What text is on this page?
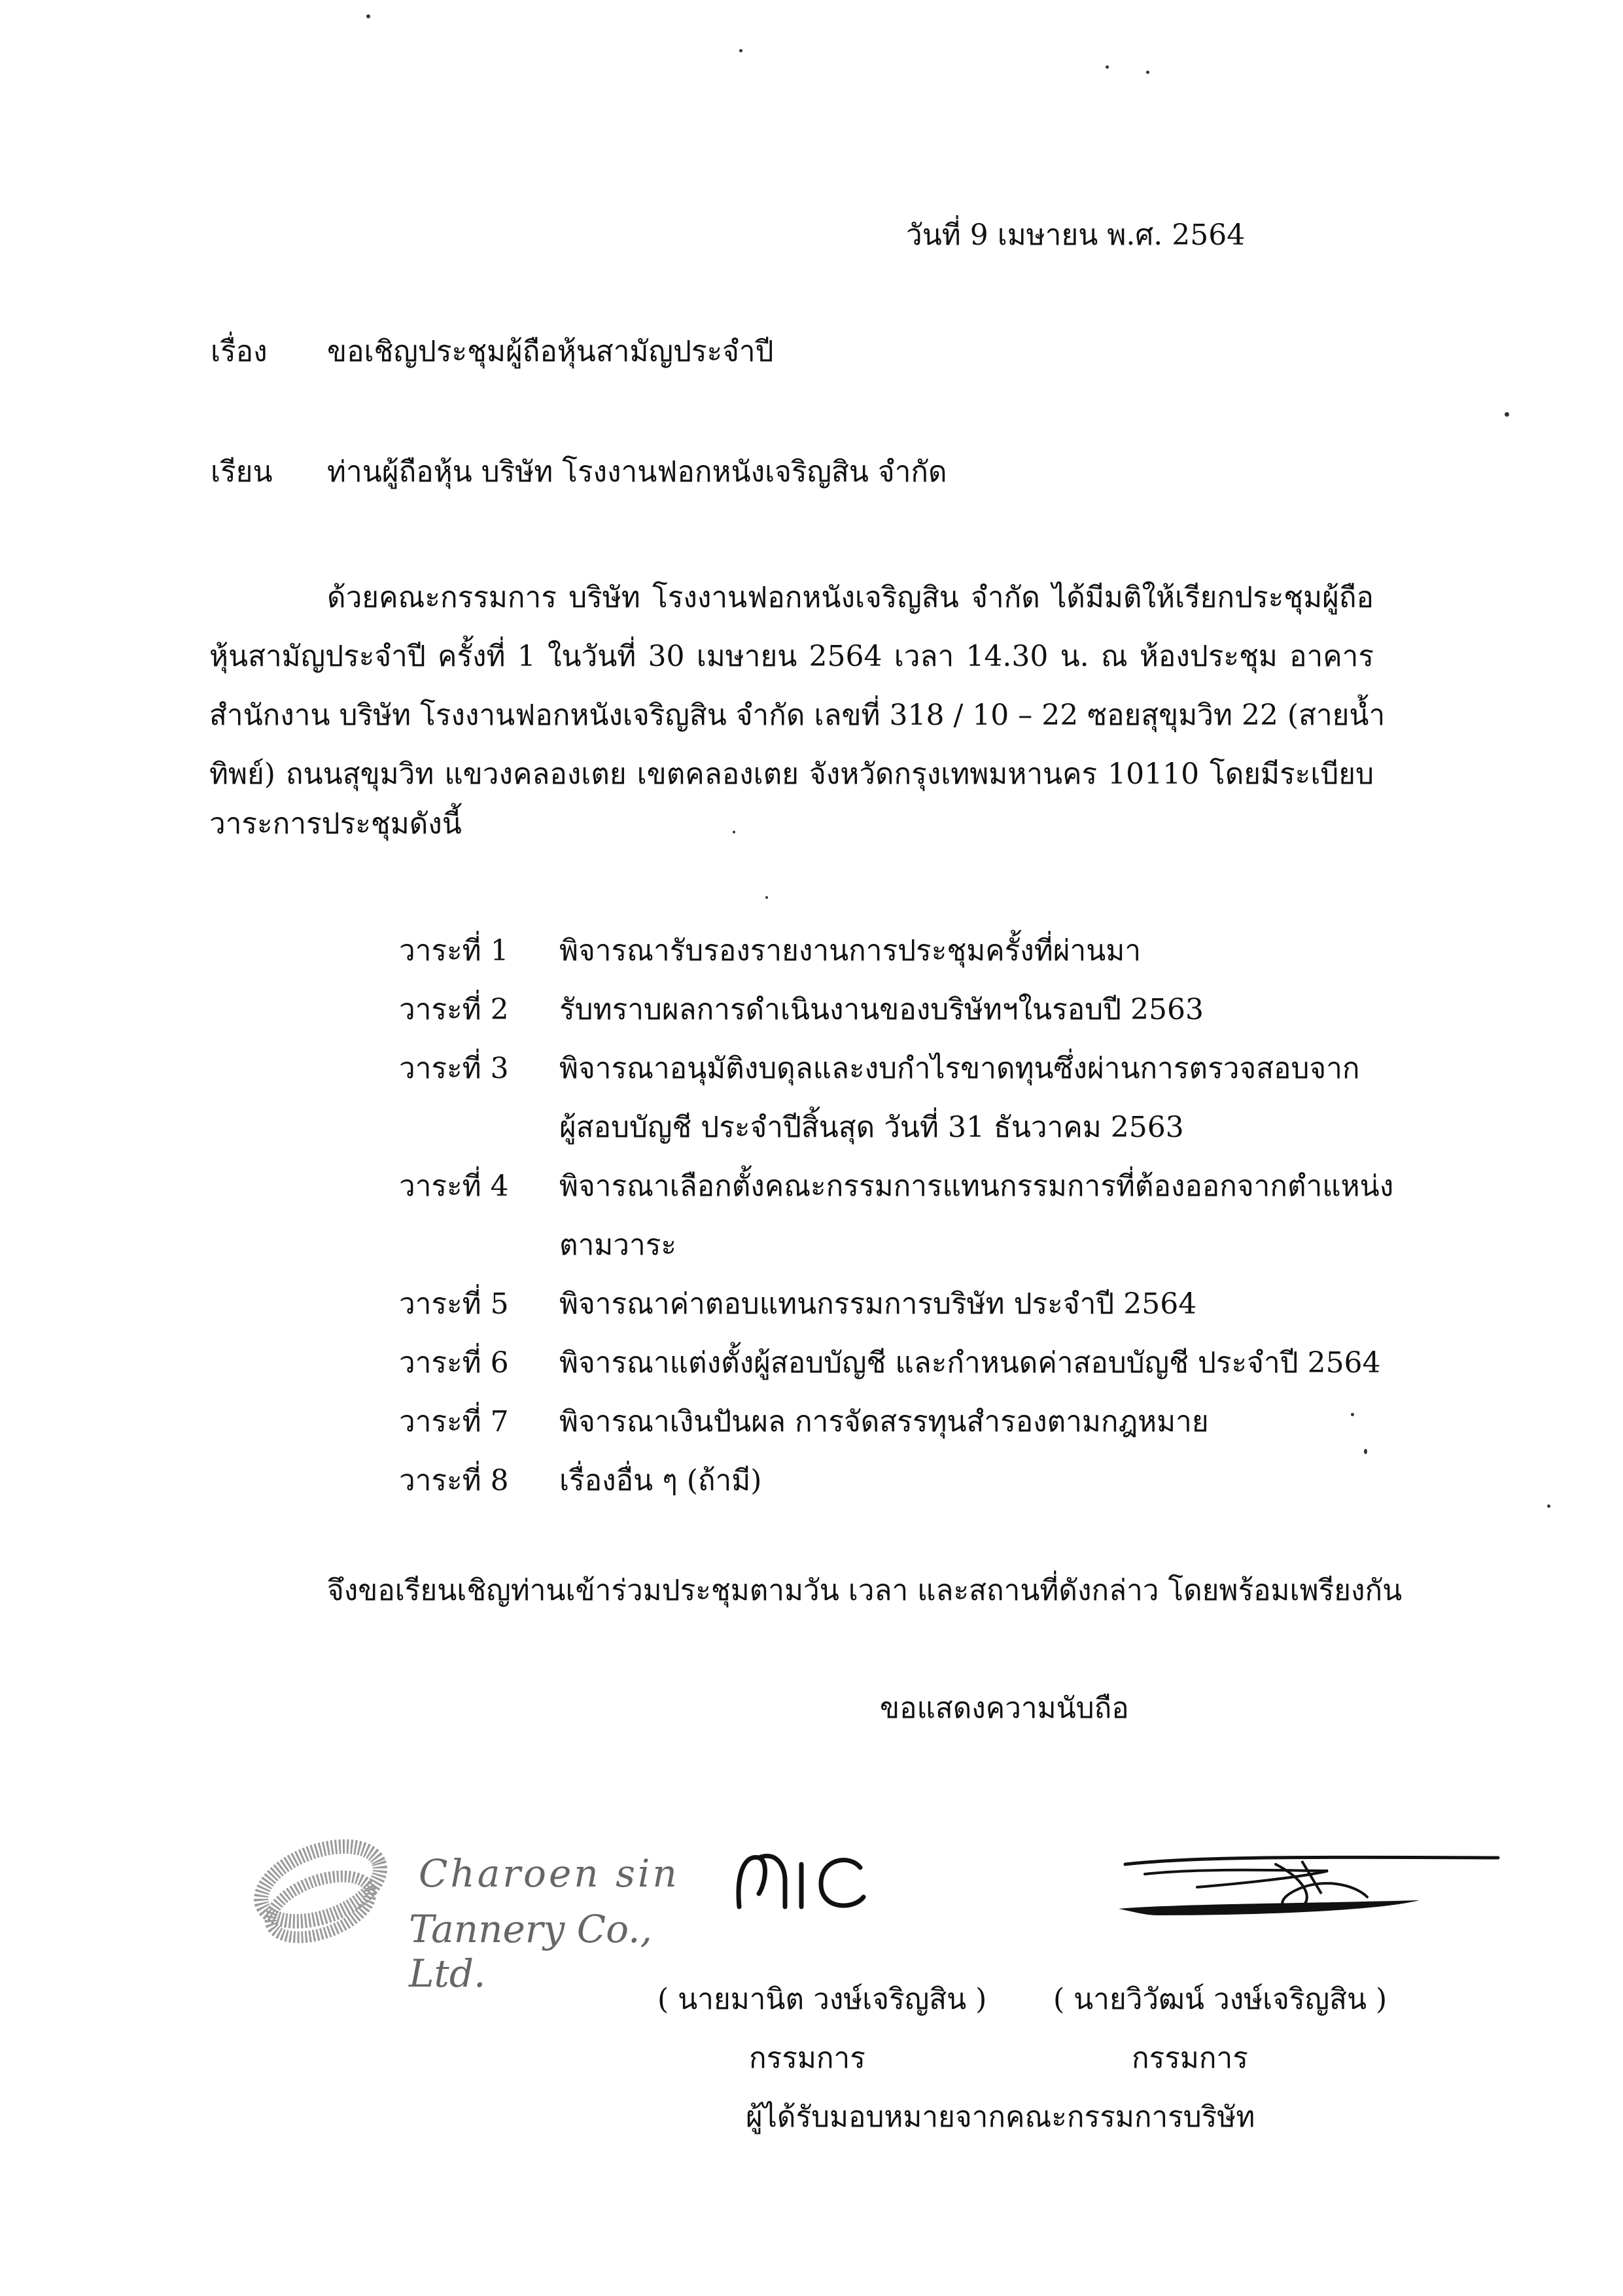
วันที่ 9 เมษายน พ.ศ. 2564
เรื่อง ขอเชิญประชุมผู้ถือหุ้นสามัญประจำปี
เรียน ท่านผู้ถือหุ้น บริษัท โรงงานฟอกหนังเจริญสิน จำกัด
ด้วยคณะกรรมการ บริษัท โรงงานฟอกหนังเจริญสิน จำกัด ได้มีมติให้เรียกประชุมผู้ถือ
หุ้นสามัญประจำปี ครั้งที่ 1 ในวันที่ 30 เมษายน 2564 เวลา 14.30 น. ณ ห้องประชุม อาคาร
สำนักงาน บริษัท โรงงานฟอกหนังเจริญสิน จำกัด เลขที่ 318 / 10 – 22 ซอยสุขุมวิท 22 (สายน้ำ
ทิพย์) ถนนสุขุมวิท แขวงคลองเตย เขตคลองเตย จังหวัดกรุงเทพมหานคร 10110 โดยมีระเบียบ
วาระการประชุมดังนี้
วาระที่ 1 พิจารณารับรองรายงานการประชุมครั้งที่ผ่านมา
วาระที่ 2 รับทราบผลการดำเนินงานของบริษัทฯในรอบปี 2563
วาระที่ 3 พิจารณาอนุมัติงบดุลและงบกำไรขาดทุนซึ่งผ่านการตรวจสอบจาก
ผู้สอบบัญชี ประจำปีสิ้นสุด วันที่ 31 ธันวาคม 2563
วาระที่ 4 พิจารณาเลือกตั้งคณะกรรมการแทนกรรมการที่ต้องออกจากตำแหน่ง
ตามวาระ
วาระที่ 5 พิจารณาค่าตอบแทนกรรมการบริษัท ประจำปี 2564
วาระที่ 6 พิจารณาแต่งตั้งผู้สอบบัญชี และกำหนดค่าสอบบัญชี ประจำปี 2564
วาระที่ 7 พิจารณาเงินปันผล การจัดสรรทุนสำรองตามกฎหมาย
วาระที่ 8 เรื่องอื่น ๆ (ถ้ามี)
จึงขอเรียนเชิญท่านเข้าร่วมประชุมตามวัน เวลา และสถานที่ดังกล่าว โดยพร้อมเพรียงกัน
ขอแสดงความนับถือ
Charoen sin
Tannery Co., Ltd.
( นายมานิต วงษ์เจริญสิน ) ( นายวิวัฒน์ วงษ์เจริญสิน )
กรรมการ	กรรมการ
ผู้ได้รับมอบหมายจากคณะกรรมการบริษัท
